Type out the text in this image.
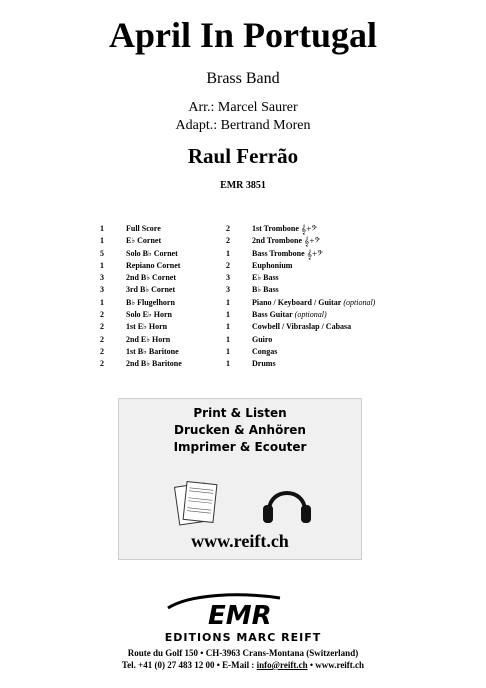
April In Portugal
Brass Band
Arr.: Marcel Saurer
Adapt.: Bertrand Moren
Raul Ferrão
EMR 3851
1	Full Score
1	E♭ Cornet
5	Solo B♭ Cornet
1	Repiano Cornet
3	2nd B♭ Cornet
3	3rd B♭ Cornet
1	B♭ Flugelhorn
2	Solo E♭ Horn
2	1st E♭ Horn
2	2nd E♭ Horn
2	1st B♭ Baritone
2	2nd B♭ Baritone
2	1st Trombone 𝄞+𝄢
2	2nd Trombone 𝄞+𝄢
1	Bass Trombone 𝄞+𝄢
2	Euphonium
3	E♭ Bass
3	B♭ Bass
1	Piano / Keyboard / Guitar (optional)
1	Bass Guitar (optional)
1	Cowbell / Vibraslap / Cabasa
1	Guiro
1	Congas
1	Drums
Print & Listen
Drucken & Anhören
Imprimer & Ecouter
www.reift.ch
EMR
EDITIONS MARC REIFT
Route du Golf 150 • CH-3963 Crans-Montana (Switzerland)
Tel. +41 (0) 27 483 12 00 • E-Mail : info@reift.ch • www.reift.ch
